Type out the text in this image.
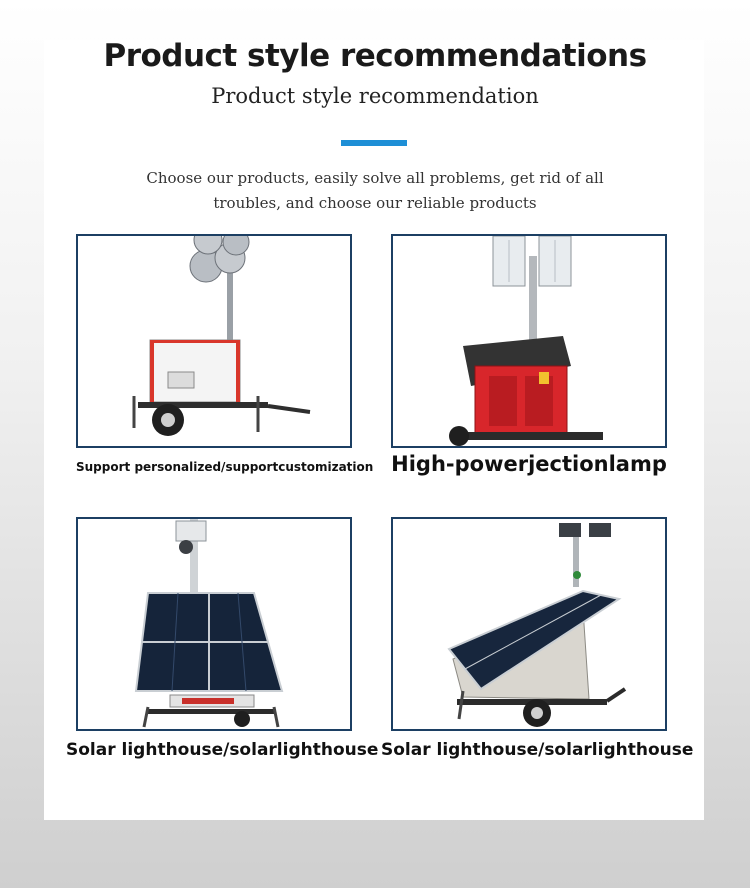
Product style recommendations
Product style recommendation
Choose our products, easily solve all problems, get rid of all
troubles, and choose our reliable products
Support personalized/supportcustomization High-powerjectionlamp
Solar lighthouse/solarlighthouse Solar lighthouse/solarlighthouse
